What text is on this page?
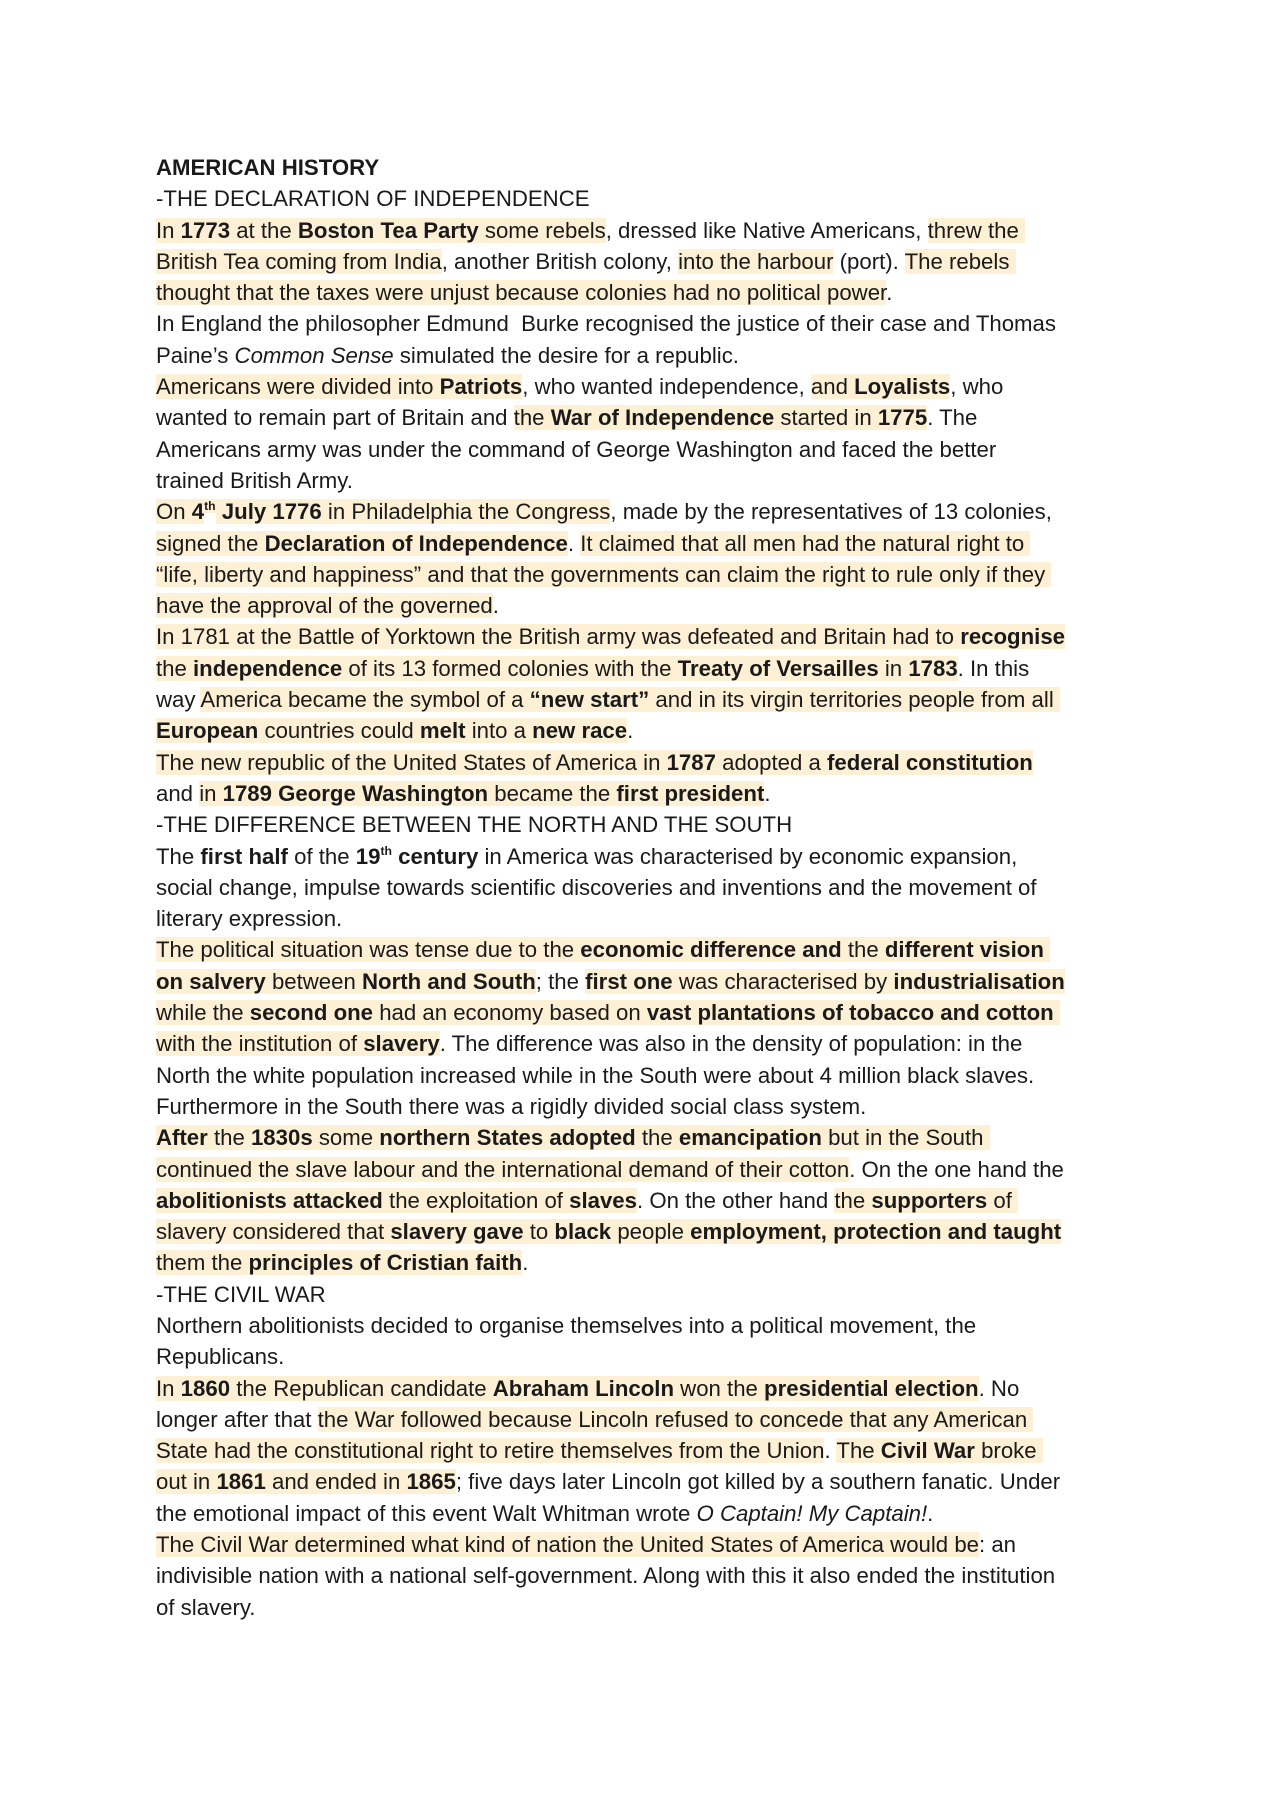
AMERICAN HISTORY
-THE DECLARATION OF INDEPENDENCE
In 1773 at the Boston Tea Party some rebels, dressed like Native Americans, threw the
British Tea coming from India, another British colony, into the harbour (port). The rebels
thought that the taxes were unjust because colonies had no political power.
In England the philosopher Edmund  Burke recognised the justice of their case and Thomas
Paine’s Common Sense simulated the desire for a republic.
Americans were divided into Patriots, who wanted independence, and Loyalists, who
wanted to remain part of Britain and the War of Independence started in 1775. The
Americans army was under the command of George Washington and faced the better
trained British Army.
On 4th July 1776 in Philadelphia the Congress, made by the representatives of 13 colonies,
signed the Declaration of Independence. It claimed that all men had the natural right to
“life, liberty and happiness” and that the governments can claim the right to rule only if they
have the approval of the governed.
In 1781 at the Battle of Yorktown the British army was defeated and Britain had to recognise
the independence of its 13 formed colonies with the Treaty of Versailles in 1783. In this
way America became the symbol of a “new start” and in its virgin territories people from all
European countries could melt into a new race.
The new republic of the United States of America in 1787 adopted a federal constitution
and in 1789 George Washington became the first president.
-THE DIFFERENCE BETWEEN THE NORTH AND THE SOUTH
The first half of the 19th century in America was characterised by economic expansion,
social change, impulse towards scientific discoveries and inventions and the movement of
literary expression.
The political situation was tense due to the economic difference and the different vision
on salvery between North and South; the first one was characterised by industrialisation
while the second one had an economy based on vast plantations of tobacco and cotton
with the institution of slavery. The difference was also in the density of population: in the
North the white population increased while in the South were about 4 million black slaves.
Furthermore in the South there was a rigidly divided social class system.
After the 1830s some northern States adopted the emancipation but in the South
continued the slave labour and the international demand of their cotton. On the one hand the
abolitionists attacked the exploitation of slaves. On the other hand the supporters of
slavery considered that slavery gave to black people employment, protection and taught
them the principles of Cristian faith.
-THE CIVIL WAR
Northern abolitionists decided to organise themselves into a political movement, the
Republicans.
In 1860 the Republican candidate Abraham Lincoln won the presidential election. No
longer after that the War followed because Lincoln refused to concede that any American
State had the constitutional right to retire themselves from the Union. The Civil War broke
out in 1861 and ended in 1865; five days later Lincoln got killed by a southern fanatic. Under
the emotional impact of this event Walt Whitman wrote O Captain! My Captain!.
The Civil War determined what kind of nation the United States of America would be: an
indivisible nation with a national self-government. Along with this it also ended the institution
of slavery.
